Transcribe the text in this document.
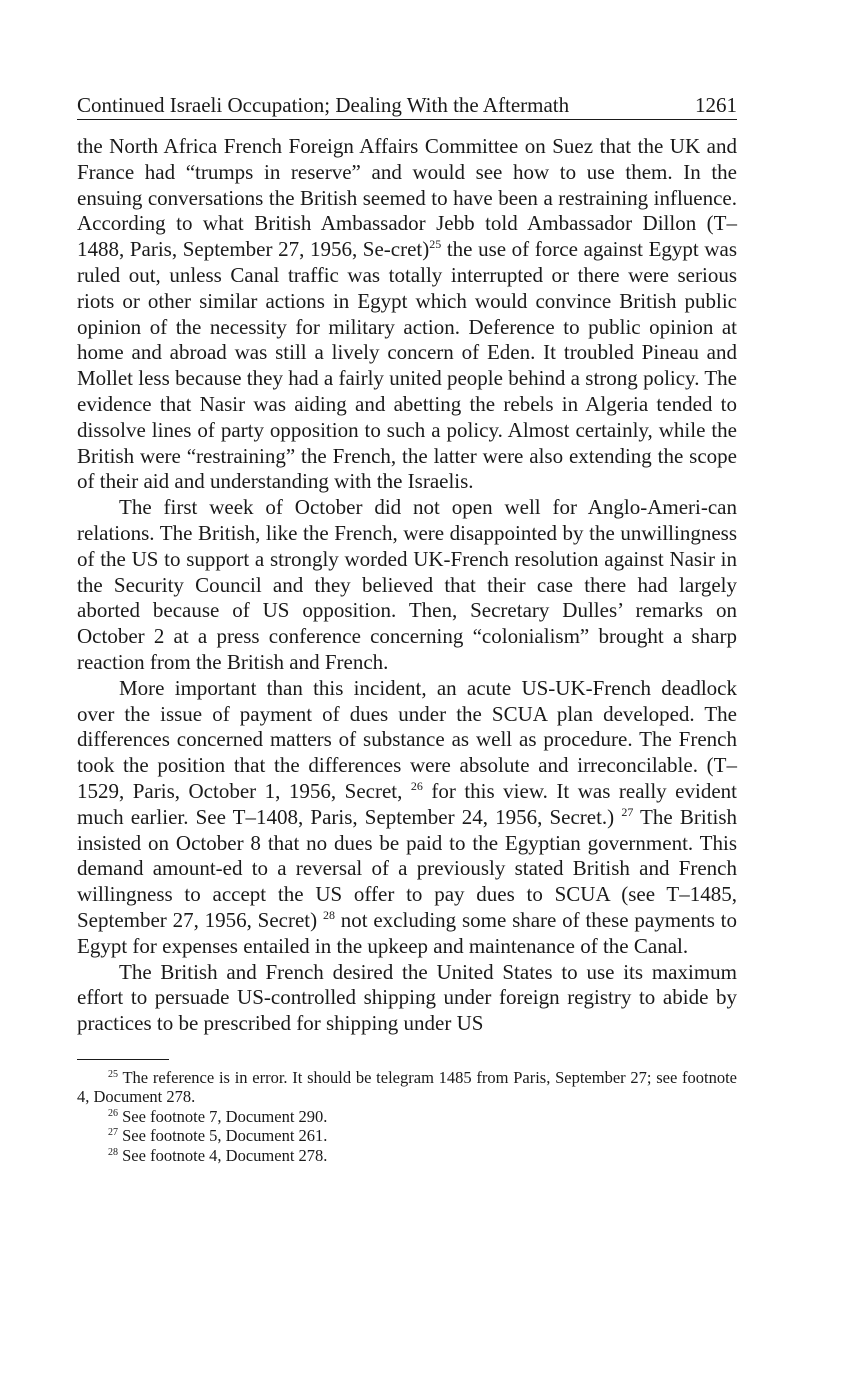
Continued Israeli Occupation; Dealing With the Aftermath	1261

the North Africa French Foreign Affairs Committee on Suez that the UK and France had “trumps in reserve” and would see how to use them. In the ensuing conversations the British seemed to have been a restraining influence. According to what British Ambassador Jebb told Ambassador Dillon (T–1488, Paris, September 27, 1956, Se-cret)$^{25}$ the use of force against Egypt was ruled out, unless Canal traffic was totally interrupted or there were serious riots or other similar actions in Egypt which would convince British public opinion of the necessity for military action. Deference to public opinion at home and abroad was still a lively concern of Eden. It troubled Pineau and Mollet less because they had a fairly united people behind a strong policy. The evidence that Nasir was aiding and abetting the rebels in Algeria tended to dissolve lines of party opposition to such a policy. Almost certainly, while the British were “restraining” the French, the latter were also extending the scope of their aid and understanding with the Israelis.

The first week of October did not open well for Anglo-Ameri-can relations. The British, like the French, were disappointed by the unwillingness of the US to support a strongly worded UK-French resolution against Nasir in the Security Council and they believed that their case there had largely aborted because of US opposition. Then, Secretary Dulles’ remarks on October 2 at a press conference concerning “colonialism” brought a sharp reaction from the British and French.

More important than this incident, an acute US-UK-French deadlock over the issue of payment of dues under the SCUA plan developed. The differences concerned matters of substance as well as procedure. The French took the position that the differences were absolute and irreconcilable. (T–1529, Paris, October 1, 1956, Secret, $^{26}$ for this view. It was really evident much earlier. See T–1408, Paris, September 24, 1956, Secret.) $^{27}$ The British insisted on October 8 that no dues be paid to the Egyptian government. This demand amount-ed to a reversal of a previously stated British and French willingness to accept the US offer to pay dues to SCUA (see T–1485, September 27, 1956, Secret) $^{28}$ not excluding some share of these payments to Egypt for expenses entailed in the upkeep and maintenance of the Canal.

The British and French desired the United States to use its maximum effort to persuade US-controlled shipping under foreign registry to abide by practices to be prescribed for shipping under US

$^{25}$ The reference is in error. It should be telegram 1485 from Paris, September 27; see footnote 4, Document 278.
$^{26}$ See footnote 7, Document 290.
$^{27}$ See footnote 5, Document 261.
$^{28}$ See footnote 4, Document 278.
